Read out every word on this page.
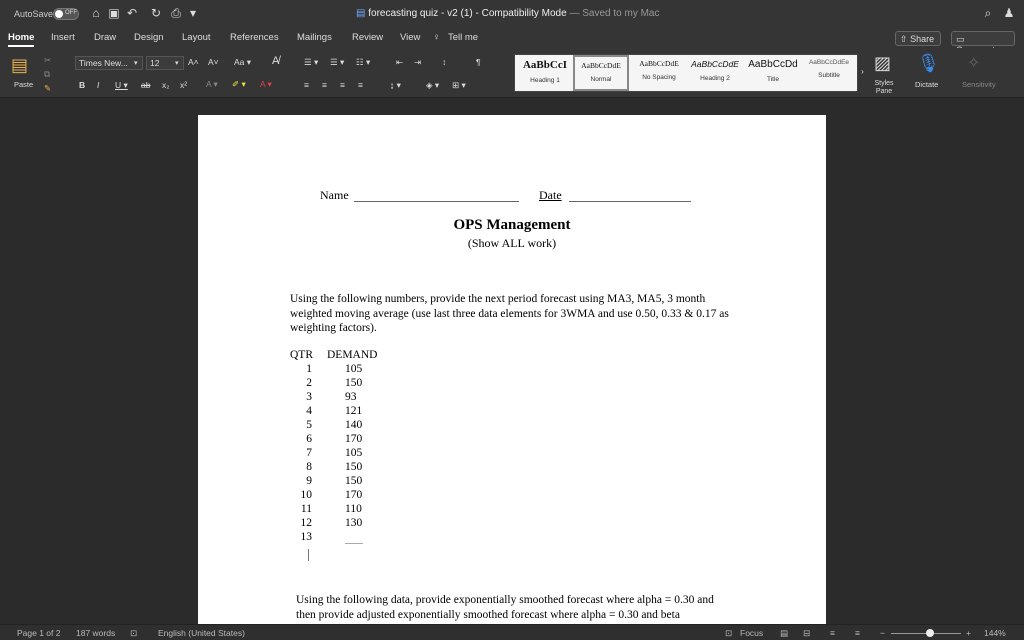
AutoSave OFF ⌂ ▣ ↶ ↻ ⎙ ▾	▤ forecasting quiz - v2 (1) - Compatibility Mode — Saved to my Mac	⌕	♟
Home Insert Draw Design Layout References Mailings Review View ♀ Tell me	⇧ Share	▭
▤
Paste
✂
⧉
✎
Times New... ▾	12	▾ A˄ A˅ Aa ▾ A̸
B I U ▾ ab x₂ x² A ▾ ✐ ▾ A ▾
☰ ▾ ☰ ▾ ☷ ▾	⇤ ⇥ ↕	¶
≡ ≡ ≡ ≡	↨ ▾	◈ ▾ ⊞ ▾
AaBbCcI
Heading 1
AaBbCcDdE
Normal
AaBbCcDdE
No Spacing
AaBbCcDdE
Heading 2
AaBbCcDd
Title
AaBbCcDdEe
Subtitle	› ▨
Styles Pane
🎙
Dictate
✧
Sensitivity
Name	Date
OPS Management
(Show ALL work)
Using the following numbers, provide the next period forecast using MA3, MA5, 3 month weighted moving average (use last three data elements for 3WMA and use 0.50, 0.33 & 0.17 as weighting factors).
QTR DEMAND
1	105
2	150
3	93
4	121
5	140
6	170
7	105
8	150
9	150
10	170
11	110
12	130
13
Using the following data, provide exponentially smoothed forecast where alpha = 0.30 and then provide adjusted exponentially smoothed forecast where alpha = 0.30 and beta
Page 1 of 2 187 words ⊡ English (United States)	⊡ Focus ▤ ⊟ ≡ ≡ −	+ 144%
